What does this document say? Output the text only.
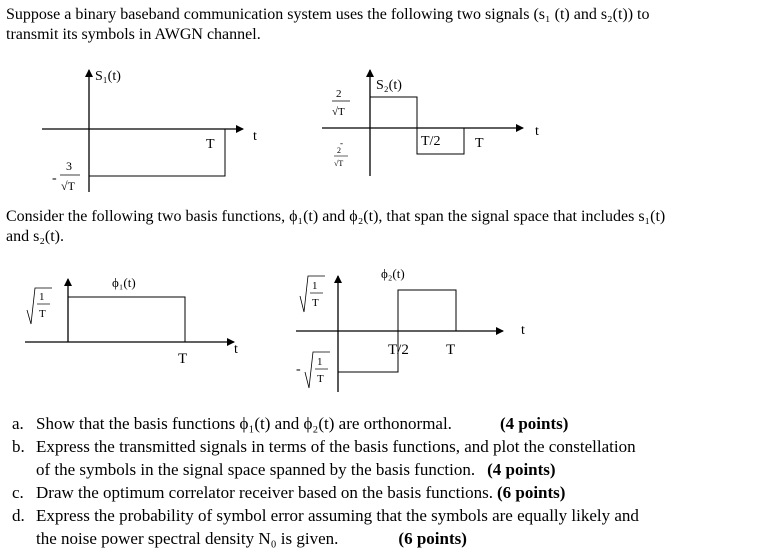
Suppose a binary baseband communication system uses the following two signals (s₁ (t) and s₂(t)) to
transmit its symbols in AWGN channel.
Consider the following two basis functions, ϕ₁(t) and ϕ₂(t), that span the signal space that includes s₁(t)
and s₂(t).
S₁(t)
T
t
-
3
√T
S₂(t)
2
√T
-
2
√T
T/2 T
t
ϕ₁(t)
1
T
T
t
ϕ₂(t)
1
T
- 1
T
T/2 T
t
a. Show that the basis functions ϕ₁(t) and ϕ₂(t) are orthonormal.	(4 points)
b. Express the transmitted signals in terms of the basis functions, and plot the constellation
of the symbols in the signal space spanned by the basis function. (4 points)
c. Draw the optimum correlator receiver based on the basis functions. (6 points)
d. Express the probability of symbol error assuming that the symbols are equally likely and
the noise power spectral density N₀ is given.	(6 points)
